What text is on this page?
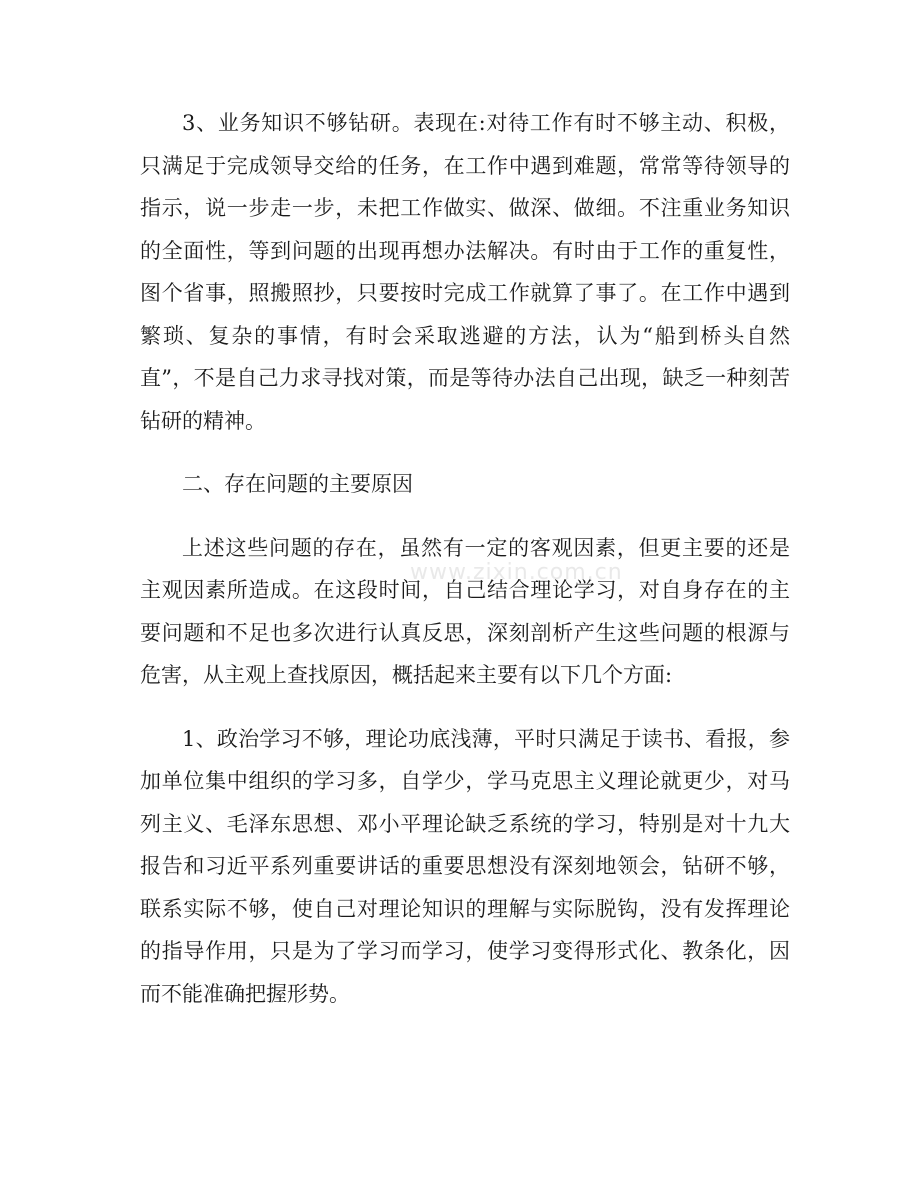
www.zixin.com.cn

3、业务知识不够钻研。表现在:对待工作有时不够主动、积极，只满足于完成领导交给的任务，在工作中遇到难题，常常等待领导的指示，说一步走一步，未把工作做实、做深、做细。不注重业务知识的全面性，等到问题的出现再想办法解决。有时由于工作的重复性，图个省事，照搬照抄，只要按时完成工作就算了事了。在工作中遇到繁琐、复杂的事情，有时会采取逃避的方法，认为“船到桥头自然直”，不是自己力求寻找对策，而是等待办法自己出现，缺乏一种刻苦钻研的精神。

二、存在问题的主要原因

上述这些问题的存在，虽然有一定的客观因素，但更主要的还是主观因素所造成。在这段时间，自己结合理论学习，对自身存在的主要问题和不足也多次进行认真反思，深刻剖析产生这些问题的根源与危害，从主观上查找原因，概括起来主要有以下几个方面:

1、政治学习不够，理论功底浅薄，平时只满足于读书、看报，参加单位集中组织的学习多，自学少，学马克思主义理论就更少，对马列主义、毛泽东思想、邓小平理论缺乏系统的学习，特别是对十九大报告和习近平系列重要讲话的重要思想没有深刻地领会，钻研不够，联系实际不够，使自己对理论知识的理解与实际脱钩，没有发挥理论的指导作用，只是为了学习而学习，使学习变得形式化、教条化，因而不能准确把握形势。
